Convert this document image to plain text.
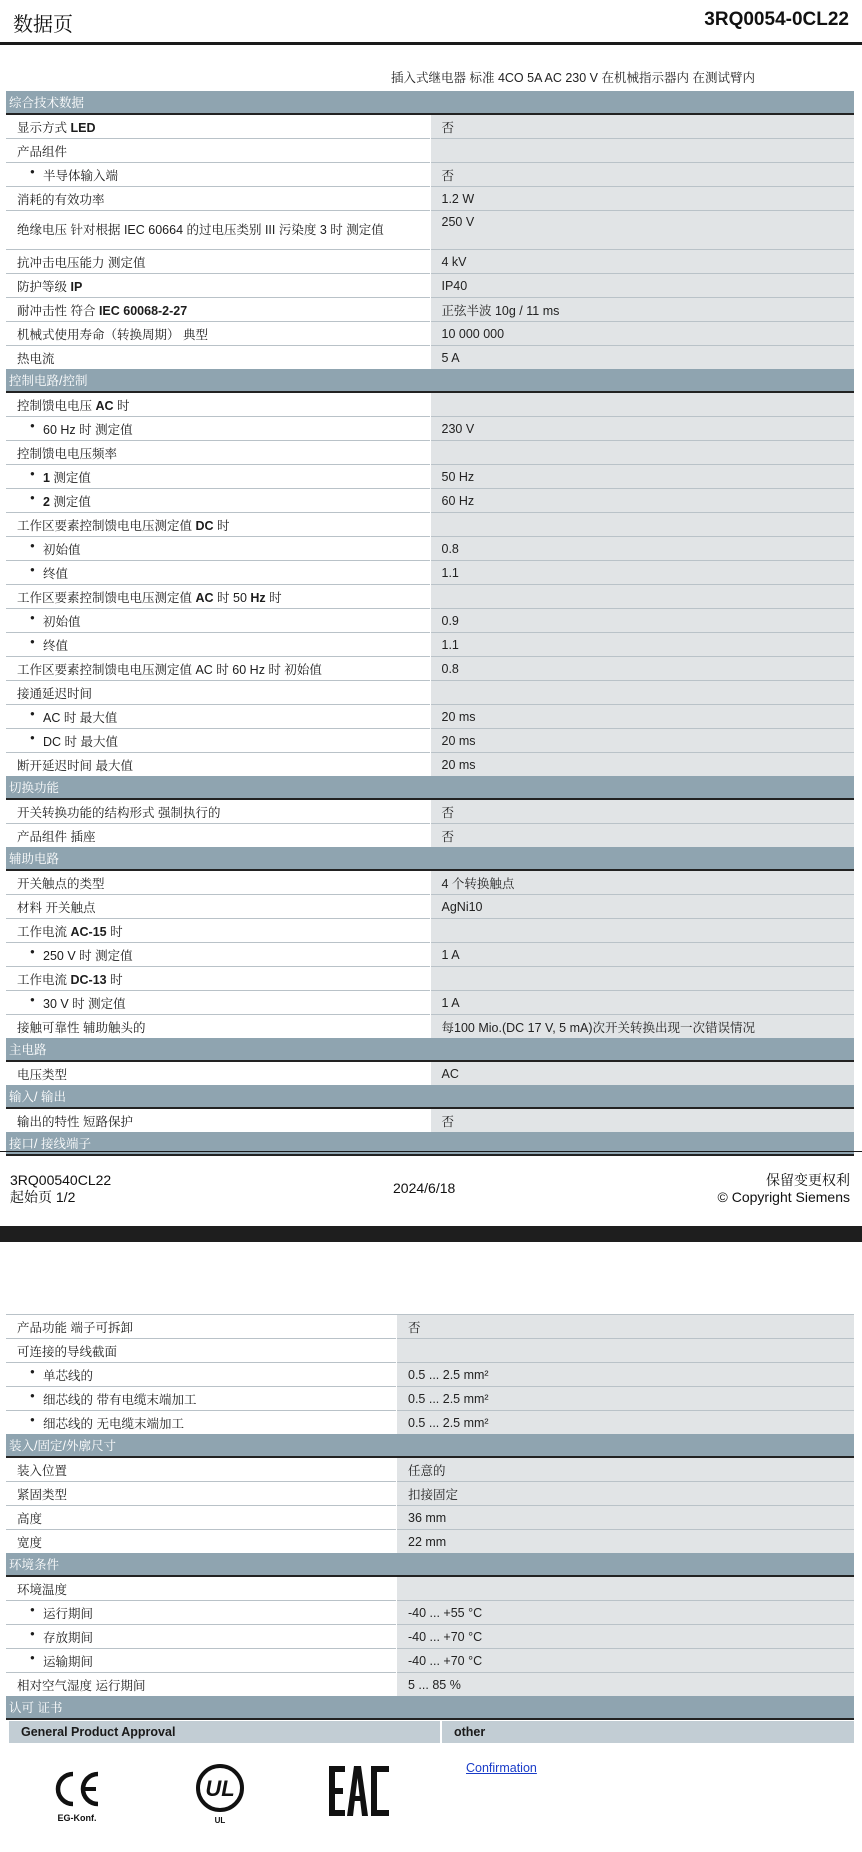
数据页	3RQ0054-0CL22
插入式继电器 标准 4CO 5A AC 230 V 在机械指示器内 在测试臂内
综合技术数据	
显示方式 LED	否
产品组件	
● 半导体输入端	否
消耗的有效功率	1.2 W
绝缘电压 针对根据 IEC 60664 的过电压类别 III 污染度 3 时 测定值	250 V
抗冲击电压能力 测定值	4 kV
防护等级 IP	IP40
耐冲击性 符合 IEC 60068-2-27	正弦半波 10g / 11 ms
机械式使用寿命（转换周期） 典型	10 000 000
热电流	5 A
控制电路/控制	
控制馈电电压 AC 时	
● 60 Hz 时 测定值	230 V
控制馈电电压频率	
● 1 测定值	50 Hz
● 2 测定值	60 Hz
工作区要素控制馈电电压测定值 DC 时	
● 初始值	0.8
● 终值	1.1
工作区要素控制馈电电压测定值 AC 时 50 Hz 时	
● 初始值	0.9
● 终值	1.1
工作区要素控制馈电电压测定值 AC 时 60 Hz 时 初始值	0.8
接通延迟时间	
● AC 时 最大值	20 ms
● DC 时 最大值	20 ms
断开延迟时间 最大值	20 ms
切换功能	
开关转换功能的结构形式 强制执行的	否
产品组件 插座	否
辅助电路	
开关触点的类型	4 个转换触点
材料 开关触点	AgNi10
工作电流 AC-15 时	
● 250 V 时 测定值	1 A
工作电流 DC-13 时	
● 30 V 时 测定值	1 A
接触可靠性 辅助触头的	每100 Mio.(DC 17 V, 5 mA)次开关转换出现一次错误情况
主电路	
电压类型	AC
输入/ 输出	
输出的特性 短路保护	否
接口/ 接线端子	
3RQ00540CL22
起始页 1/2
2024/6/18	保留变更权利
© Copyright Siemens
产品功能 端子可拆卸	否
可连接的导线截面	
● 单芯线的	0.5 ... 2.5 mm²
● 细芯线的 带有电缆末端加工	0.5 ... 2.5 mm²
● 细芯线的 无电缆末端加工	0.5 ... 2.5 mm²
装入/固定/外廓尺寸	
装入位置	任意的
紧固类型	扣接固定
高度	36 mm
宽度	22 mm
环境条件	
环境温度	
● 运行期间	-40 ... +55 °C
● 存放期间	-40 ... +70 °C
● 运输期间	-40 ... +70 °C
相对空气湿度 运行期间	5 ... 85 %
认可 证书	
General Product Approval	other
EG-Konf.
UL
UL
Confirmation
